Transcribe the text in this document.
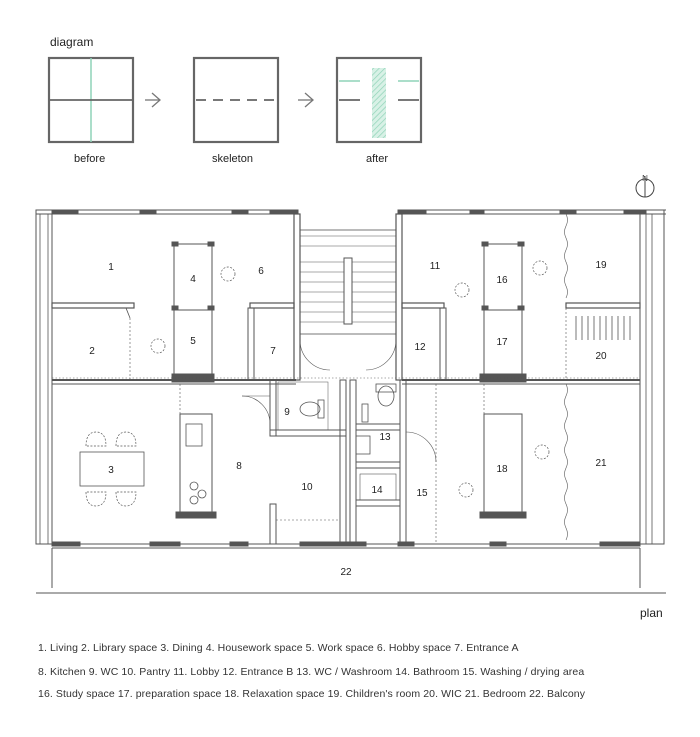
diagram
before	skeleton	after
plan
N
1
2
3
4
5
6
7
8
9
10
11
12
13
14	15
16
17
18
19
20
21
22
1. Living 2. Library space 3. Dining 4. Housework space 5. Work space 6. Hobby space 7. Entrance A
8. Kitchen 9. WC 10. Pantry 11. Lobby 12. Entrance B 13. WC / Washroom 14. Bathroom 15. Washing / drying area
16. Study space 17. preparation space 18. Relaxation space 19. Children's room 20. WIC 21. Bedroom 22. Balcony
